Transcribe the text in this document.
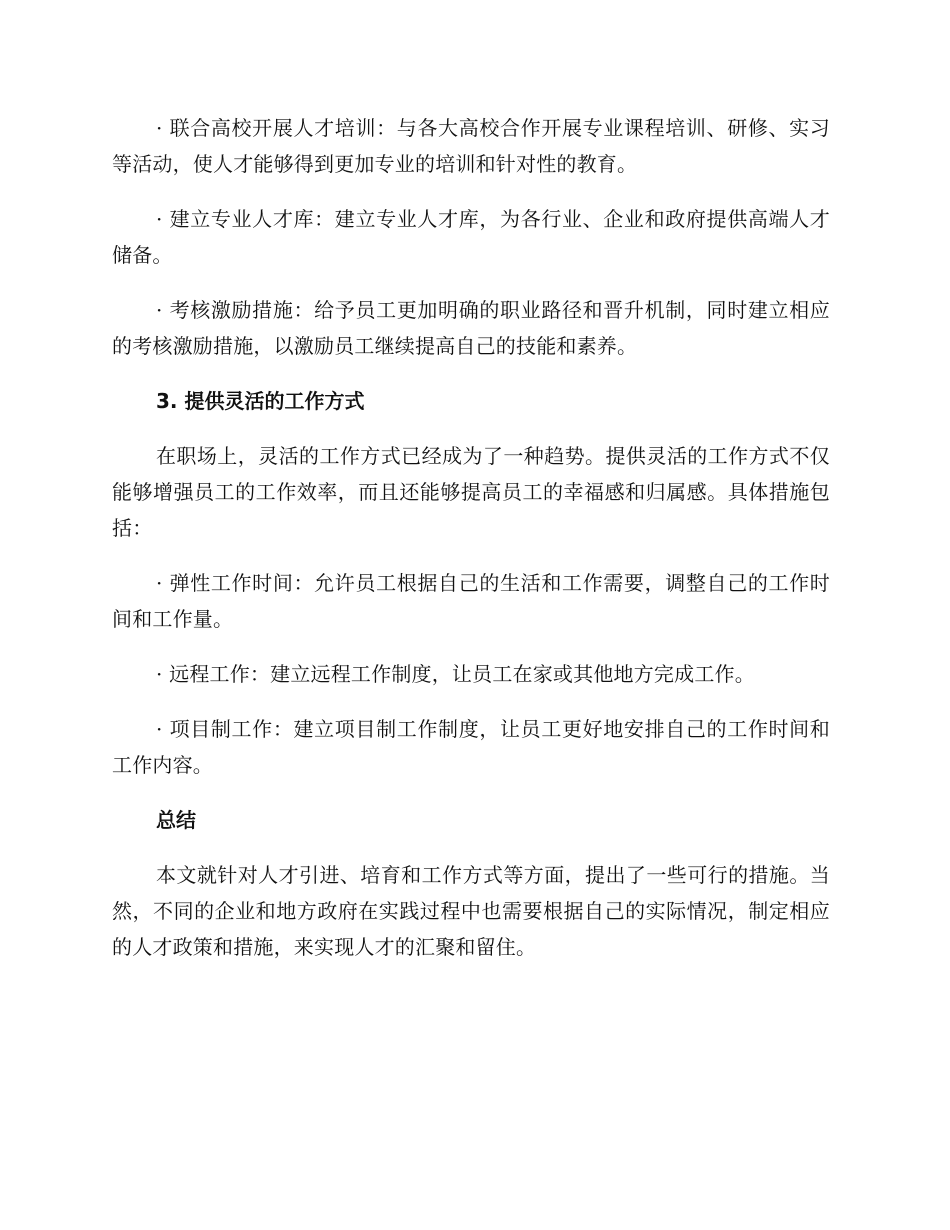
· 联合高校开展人才培训：与各大高校合作开展专业课程培训、研修、实习等活动，使人才能够得到更加专业的培训和针对性的教育。

· 建立专业人才库：建立专业人才库，为各行业、企业和政府提供高端人才储备。

· 考核激励措施：给予员工更加明确的职业路径和晋升机制，同时建立相应的考核激励措施，以激励员工继续提高自己的技能和素养。

3. 提供灵活的工作方式

在职场上，灵活的工作方式已经成为了一种趋势。提供灵活的工作方式不仅能够增强员工的工作效率，而且还能够提高员工的幸福感和归属感。具体措施包括：

· 弹性工作时间：允许员工根据自己的生活和工作需要，调整自己的工作时间和工作量。

· 远程工作：建立远程工作制度，让员工在家或其他地方完成工作。

· 项目制工作：建立项目制工作制度，让员工更好地安排自己的工作时间和工作内容。

总结

本文就针对人才引进、培育和工作方式等方面，提出了一些可行的措施。当然，不同的企业和地方政府在实践过程中也需要根据自己的实际情况，制定相应的人才政策和措施，来实现人才的汇聚和留住。
